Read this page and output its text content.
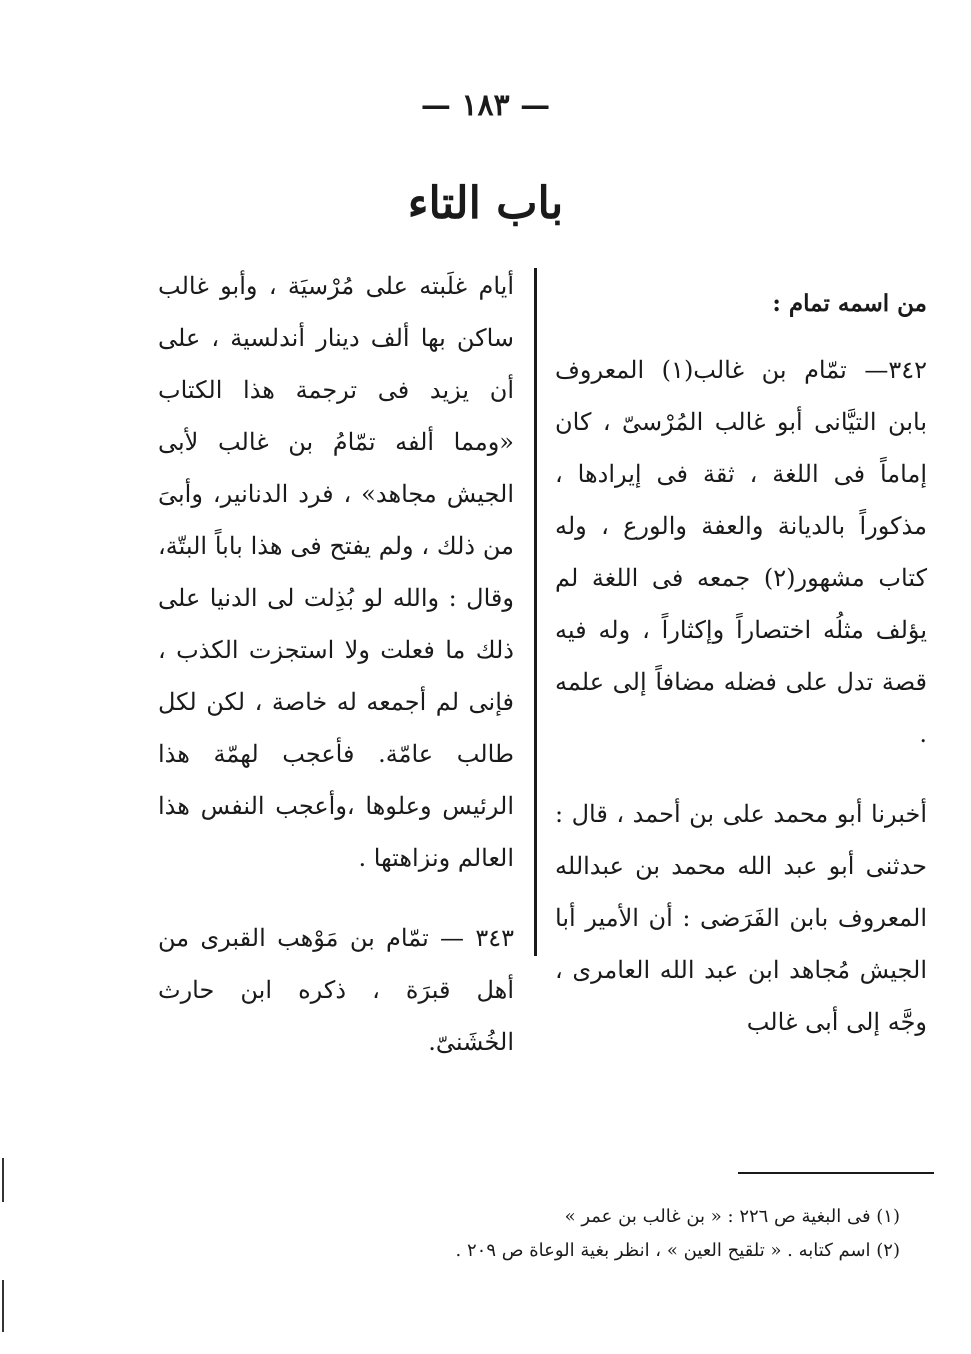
— ١٨٣ —
باب التاء

من اسمه تمام :

٣٤٢— تمّام بن غالب(١) المعروف بابن التيَّانى أبو غالب المُرْسىّ ، كان إماماً فى اللغة ، ثقة فى إيرادها ، مذكوراً بالديانة والعفة والورع ، وله كتاب مشهور(٢) جمعه فى اللغة لم يؤلف مثلُه اختصاراً وإكثاراً ، وله فيه قصة تدل على فضله مضافاً إلى علمه .

أخبرنا أبو محمد على بن أحمد ، قال : حدثنى أبو عبد الله محمد بن عبدالله المعروف بابن الفَرَضى : أن الأمير أبا الجيش مُجاهد ابن عبد الله العامرى ، وجَّه إلى أبى غالب

أيام غلَبته على مُرْسيَة ، وأبو غالب ساكن بها ألف دينار أندلسية ، على أن يزيد فى ترجمة هذا الكتاب «ومما ألفه تمّامُ بن غالب لأبى الجيش مجاهد» ، فرد الدنانير، وأبىَ من ذلك ، ولم يفتح فى هذا باباً البتّة، وقال : والله لو بُذِلت لى الدنيا على ذلك ما فعلت ولا استجزت الكذب ، فإنى لم أجمعه له خاصة ، لكن لكل طالب عامّة. فأعجب لهمّة هذا الرئيس وعلوها ،وأعجب النفس هذا العالم ونزاهتها .

٣٤٣ — تمّام بن مَوْهب القبرى من أهل قبرَة ، ذكره ابن حارث الخُشَنىّ.

(١) فى البغية ص ٢٢٦ : « بن غالب بن عمر »

(٢) اسم كتابه . « تلقيح العين » ، انظر بغية الوعاة ص ٢٠٩ .
